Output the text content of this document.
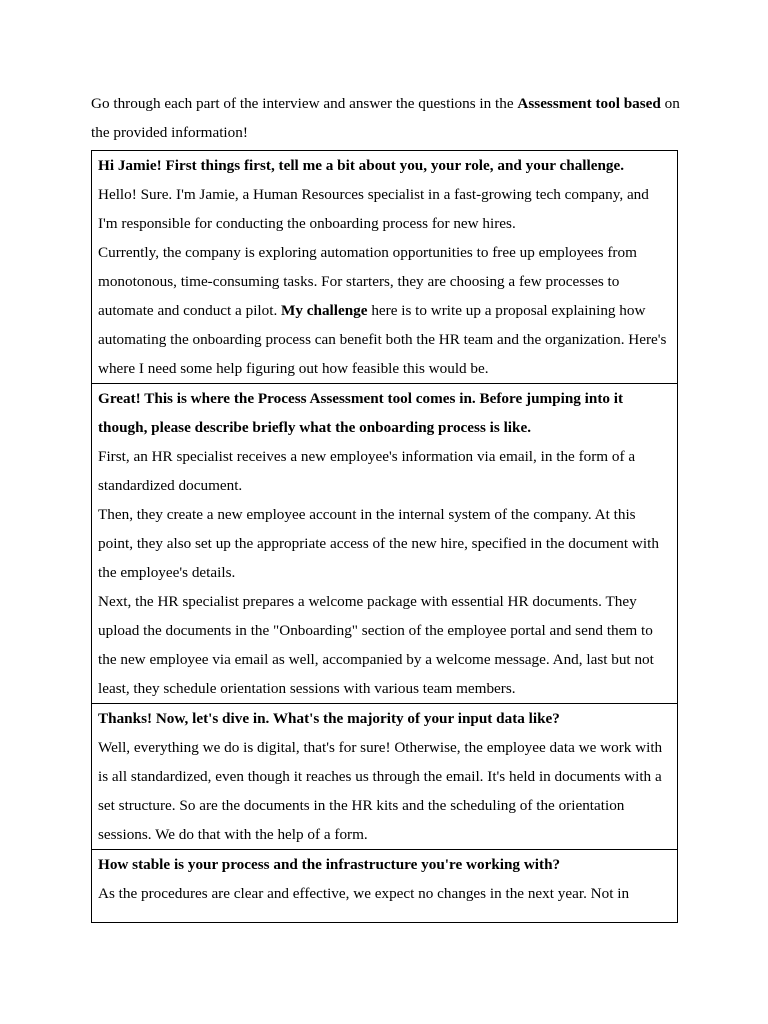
Go through each part of the interview and answer the questions in the Assessment tool based on the provided information!

Hi Jamie! First things first, tell me a bit about you, your role, and your challenge.

Hello! Sure. I'm Jamie, a Human Resources specialist in a fast-growing tech company, and I'm responsible for conducting the onboarding process for new hires.

Currently, the company is exploring automation opportunities to free up employees from monotonous, time-consuming tasks. For starters, they are choosing a few processes to automate and conduct a pilot. My challenge here is to write up a proposal explaining how automating the onboarding process can benefit both the HR team and the organization. Here's where I need some help figuring out how feasible this would be.

Great! This is where the Process Assessment tool comes in. Before jumping into it though, please describe briefly what the onboarding process is like.

First, an HR specialist receives a new employee's information via email, in the form of a standardized document.

Then, they create a new employee account in the internal system of the company. At this point, they also set up the appropriate access of the new hire, specified in the document with the employee's details.

Next, the HR specialist prepares a welcome package with essential HR documents. They upload the documents in the "Onboarding" section of the employee portal and send them to the new employee via email as well, accompanied by a welcome message. And, last but not least, they schedule orientation sessions with various team members.

Thanks! Now, let's dive in. What's the majority of your input data like?

Well, everything we do is digital, that's for sure! Otherwise, the employee data we work with is all standardized, even though it reaches us through the email. It's held in documents with a set structure. So are the documents in the HR kits and the scheduling of the orientation sessions. We do that with the help of a form.

How stable is your process and the infrastructure you're working with?

As the procedures are clear and effective, we expect no changes in the next year. Not in
